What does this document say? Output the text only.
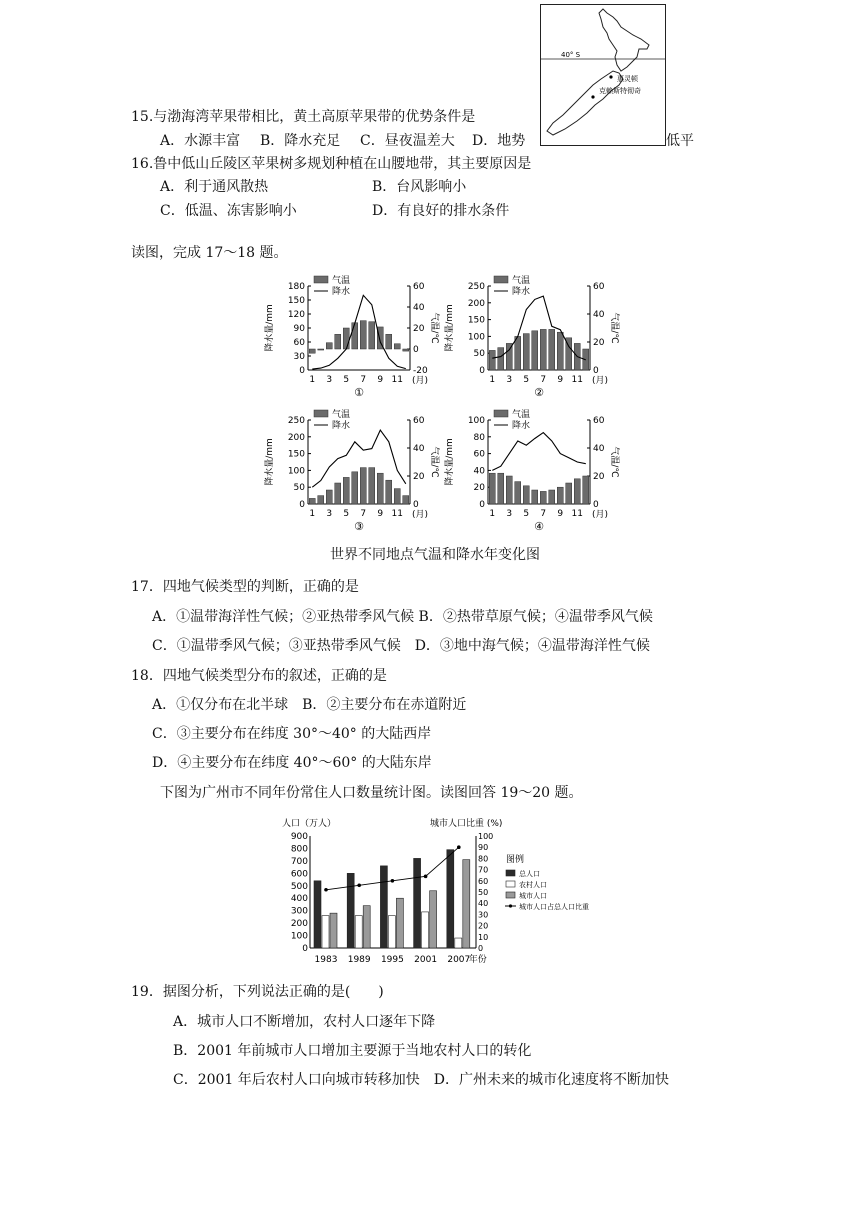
40° S
惠灵顿
克赖斯特彻奇
15.与渤海湾苹果带相比，黄土高原苹果带的优势条件是
A．水源丰富 B．降水充足 C．昼夜温差大 D．地势	低平
16.鲁中低山丘陵区苹果树多规划种植在山腰地带，其主要原因是
A．利于通风散热	B．台风影响小
C．低温、冻害影响小	D．有良好的排水条件
读图，完成 17～18 题。
0
30
60
90
120
150
180
-20
0
20
40
60
降水量/mm	气温/℃
1 3 5 7 9 11 (月)
气温
降水
①
0
50
100
150
200
250
0
20
40
60
降水量/mm	气温/℃
1 3 5 7 9 11 (月)
气温
降水
②
0
50
100
150
200
250
0
20
40
60
降水量/mm	气温/℃
1 3 5 7 9 11 (月)
气温
降水
③
0
20
40
60
80
100
0
20
40
60
降水量/mm	气温/℃
1 3 5 7 9 11 (月)
气温
降水
④
世界不同地点气温和降水年变化图
17．四地气候类型的判断，正确的是
A．①温带海洋性气候；②亚热带季风气候 B．②热带草原气候；④温带季风气候
C．①温带季风气候；③亚热带季风气候　D．③地中海气候；④温带海洋性气候
18．四地气候类型分布的叙述，正确的是
A．①仅分布在北半球　B．②主要分布在赤道附近
C．③主要分布在纬度 30°～40° 的大陆西岸
D．④主要分布在纬度 40°～60° 的大陆东岸
下图为广州市不同年份常住人口数量统计图。读图回答 19～20 题。
0
100
200
300
400
500
600
700
800
900
0
10
20
30
40
50
60
70
80
90
100
人口（万人）	城市人口比重 (%)
1983 1989 1995 2001 2007
年份
图例
总人口
农村人口
城市人口
城市人口占总人口比重
19．据图分析，下列说法正确的是(　　)
A．城市人口不断增加，农村人口逐年下降
B．2001 年前城市人口增加主要源于当地农村人口的转化
C．2001 年后农村人口向城市转移加快　D．广州未来的城市化速度将不断加快
